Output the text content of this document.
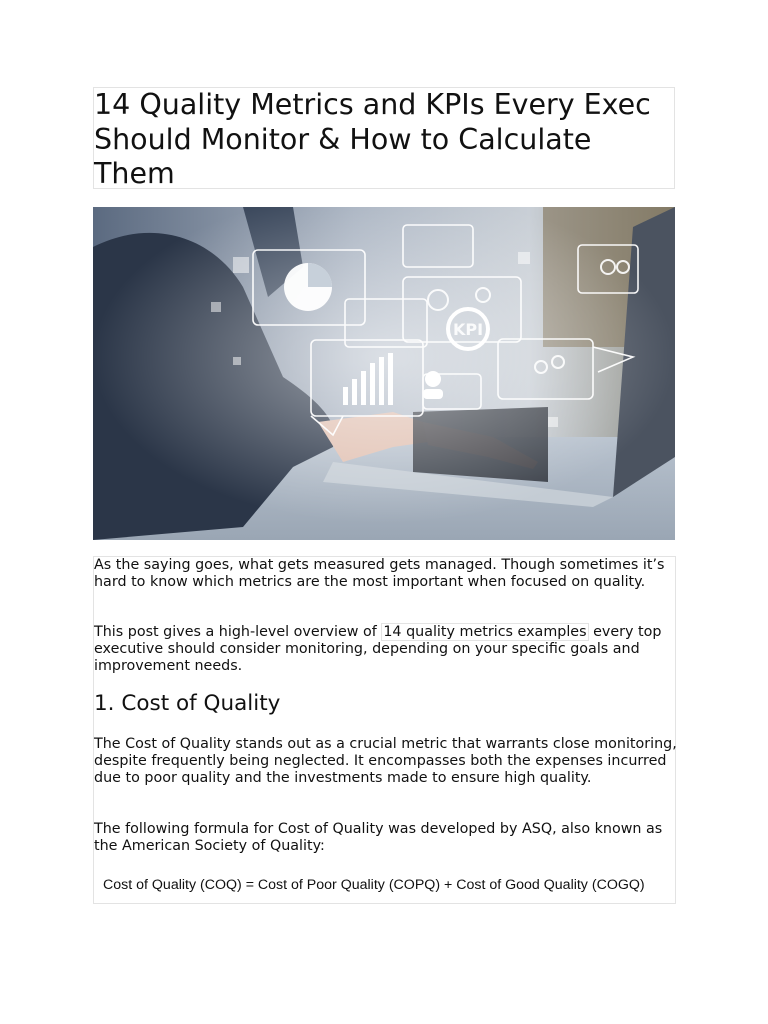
14 Quality Metrics and KPIs Every Exec Should Monitor & How to Calculate Them
KPI

As the saying goes, what gets measured gets managed. Though sometimes it’s hard to know which metrics are the most important when focused on quality.

This post gives a high-level overview of 14 quality metrics examples every top executive should consider monitoring, depending on your specific goals and improvement needs.

1. Cost of Quality

The Cost of Quality stands out as a crucial metric that warrants close monitoring, despite frequently being neglected. It encompasses both the expenses incurred due to poor quality and the investments made to ensure high quality.

The following formula for Cost of Quality was developed by ASQ, also known as the American Society of Quality:

Cost of Quality (COQ) = Cost of Poor Quality (COPQ) + Cost of Good Quality (COGQ)
